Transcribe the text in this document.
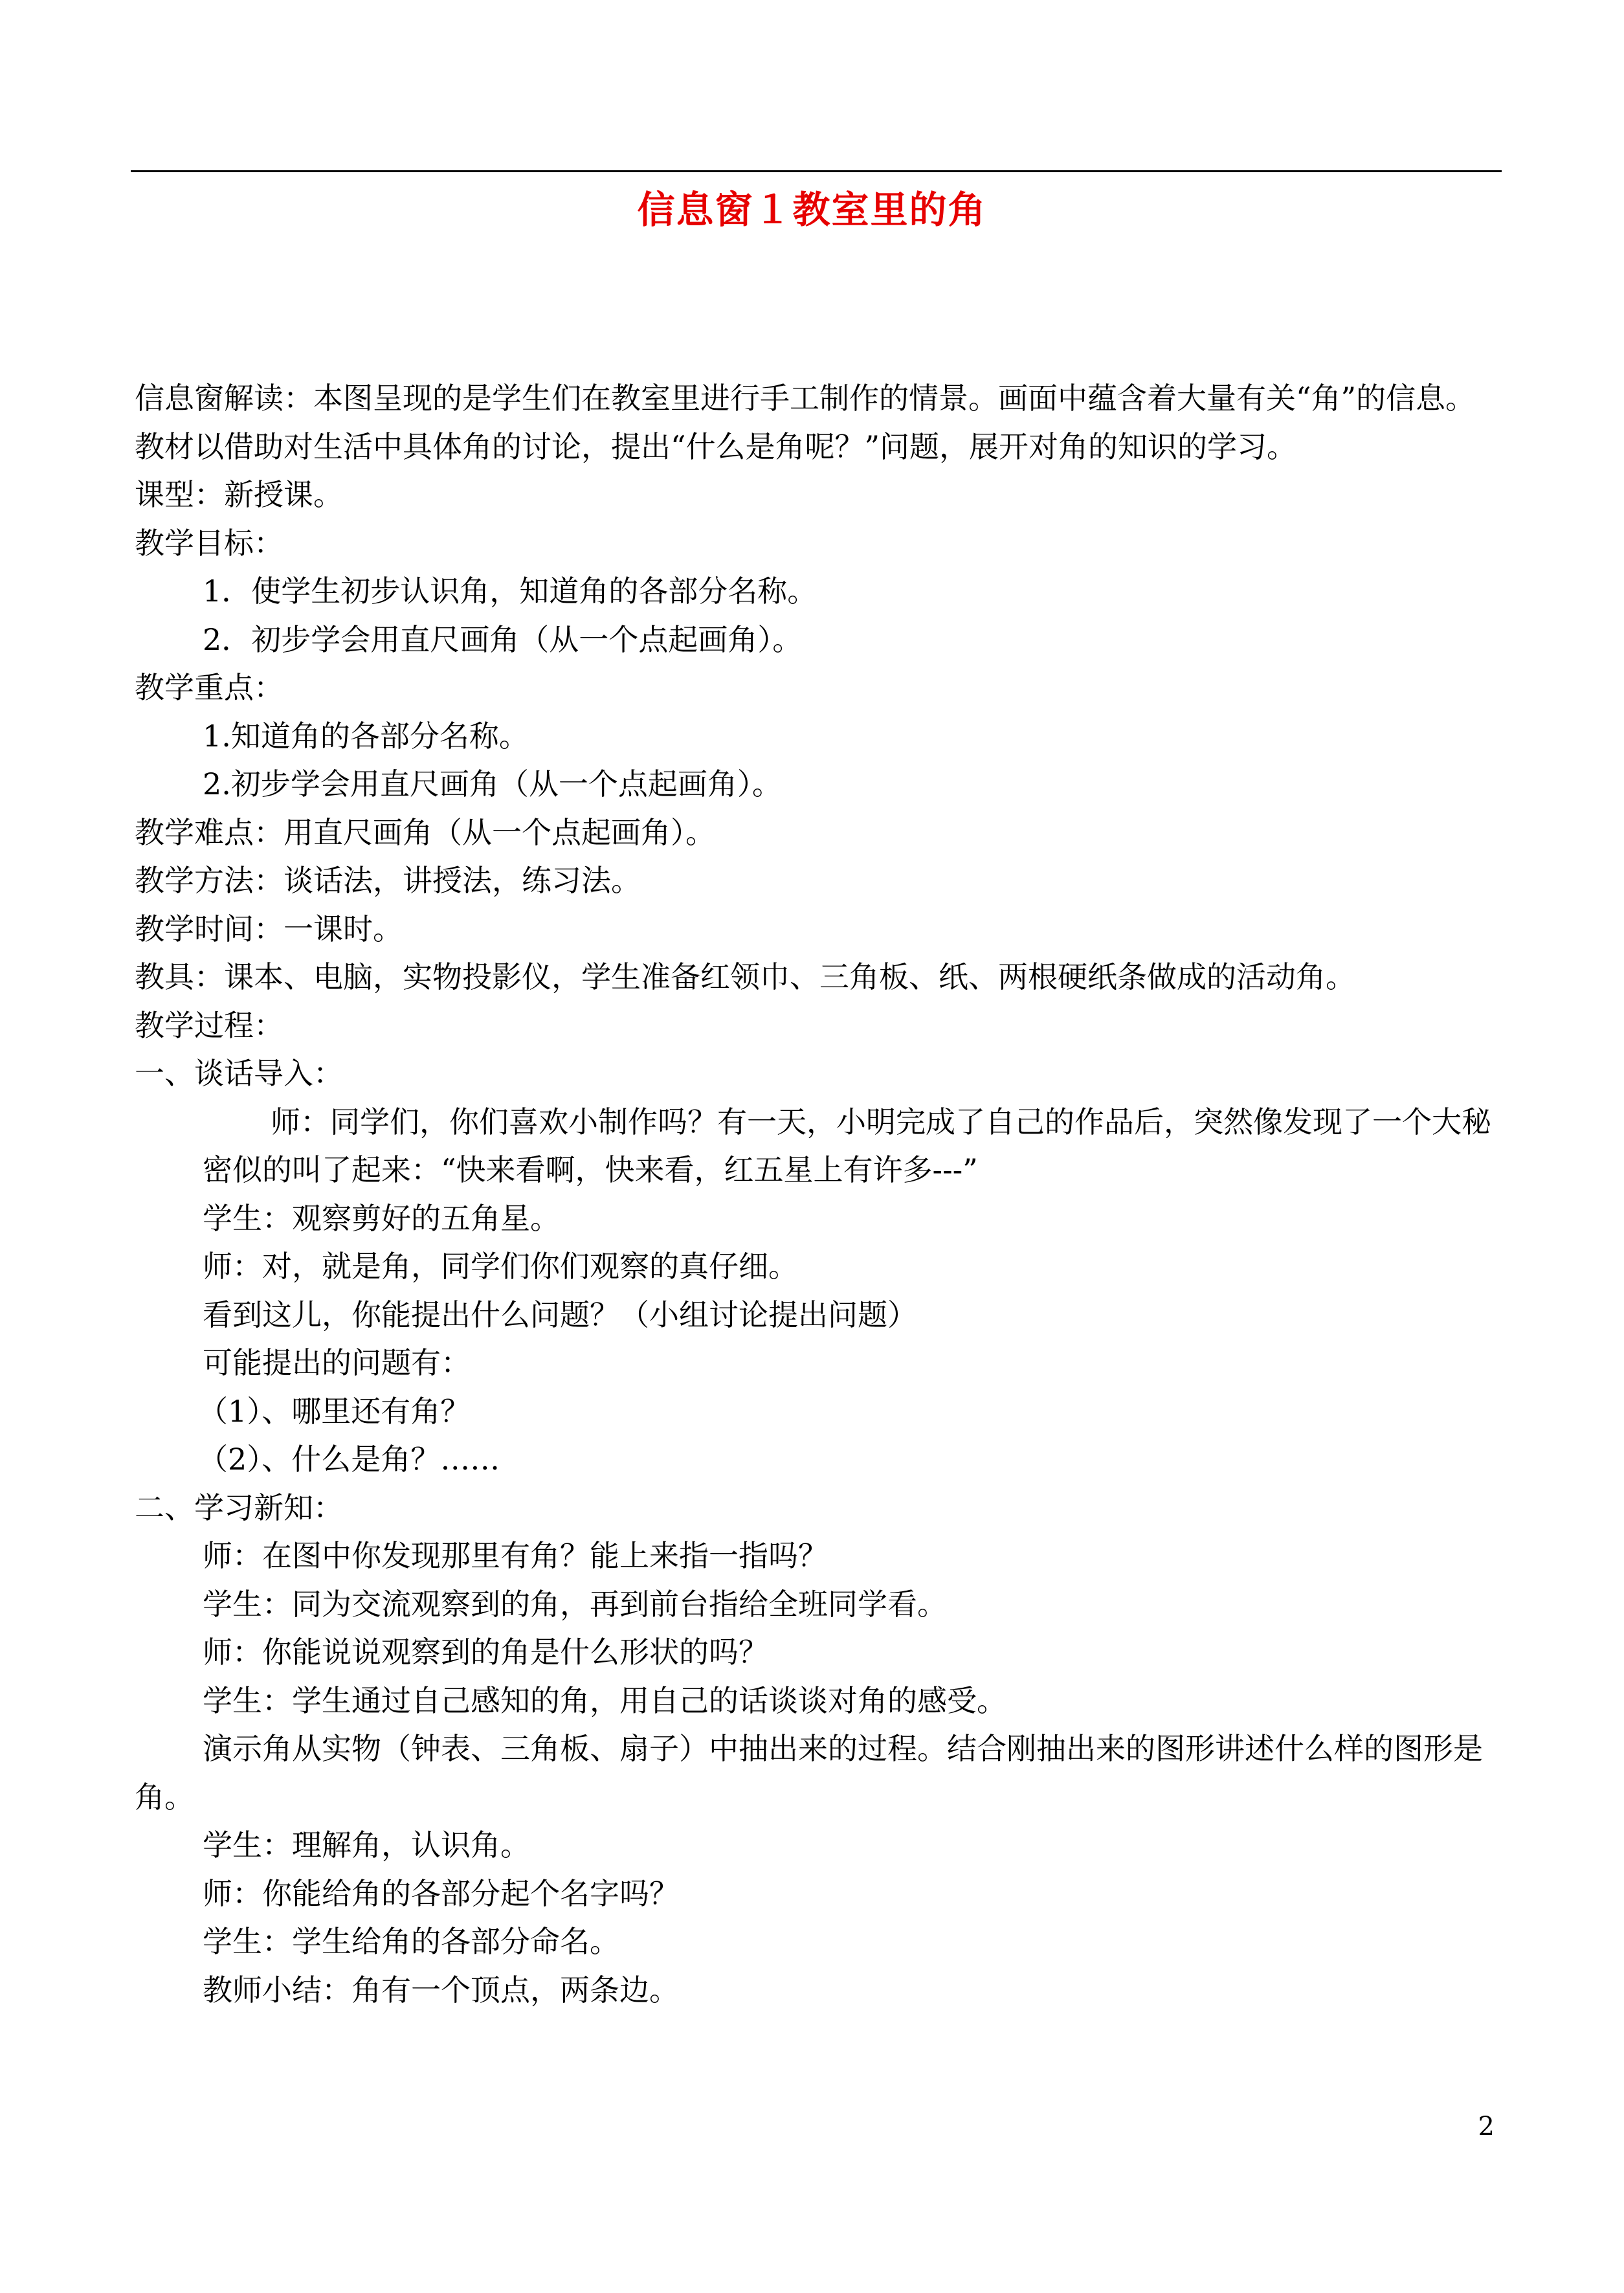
信息窗１教室里的角

信息窗解读：本图呈现的是学生们在教室里进行手工制作的情景。画面中蕴含着大量有关“角”的信息。教材以借助对生活中具体角的讨论，提出“什么是角呢？”问题，展开对角的知识的学习。

课型：新授课。

教学目标：

1．使学生初步认识角，知道角的各部分名称。

2．初步学会用直尺画角（从一个点起画角）。

教学重点：

1.知道角的各部分名称。

2.初步学会用直尺画角（从一个点起画角）。

教学难点：用直尺画角（从一个点起画角）。

教学方法：谈话法，讲授法，练习法。

教学时间：一课时。

教具：课本、电脑，实物投影仪，学生准备红领巾、三角板、纸、两根硬纸条做成的活动角。

教学过程：

一、谈话导入：

师：同学们，你们喜欢小制作吗？有一天，小明完成了自己的作品后，突然像发现了一个大秘密似的叫了起来：“快来看啊，快来看，红五星上有许多---”

学生：观察剪好的五角星。

师：对，就是角，同学们你们观察的真仔细。

看到这儿，你能提出什么问题？（小组讨论提出问题）

可能提出的问题有：

（1）、哪里还有角？

（2）、什么是角？……

二、学习新知：

师：在图中你发现那里有角？能上来指一指吗？

学生：同为交流观察到的角，再到前台指给全班同学看。

师：你能说说观察到的角是什么形状的吗？

学生：学生通过自己感知的角，用自己的话谈谈对角的感受。

演示角从实物（钟表、三角板、扇子）中抽出来的过程。结合刚抽出来的图形讲述什么样的图形是角。

学生：理解角，认识角。

师：你能给角的各部分起个名字吗？

学生：学生给角的各部分命名。

教师小结：角有一个顶点，两条边。

2
